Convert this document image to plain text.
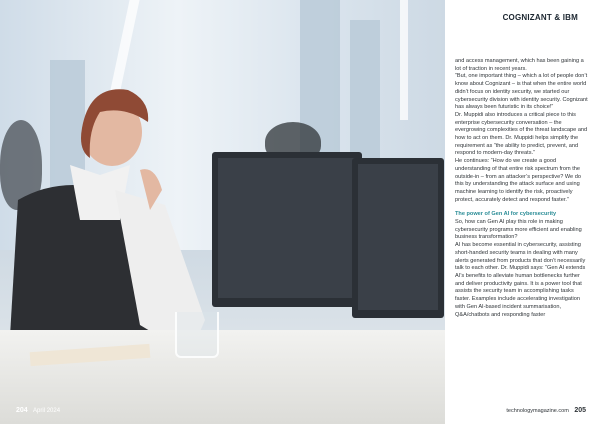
204 April 2024
COGNIZANT & IBM

and access management, which has been gaining a lot of traction in recent years.

“But, one important thing – which a lot of people don’t know about Cognizant – is that when the entire world didn’t focus on identity security, we started our cybersecurity division with identity security. Cognizant has always been futuristic in its choice!”

Dr. Muppidi also introduces a critical piece to this enterprise cybersecurity conversation – the evergrowing complexities of the threat landscape and how to act on them. Dr. Muppidi helps simplify the requirement as “the ability to predict, prevent, and respond to modern-day threats.”

He continues: “How do we create a good understanding of that entire risk spectrum from the outside-in – from an attacker’s perspective? We do this by understanding the attack surface and using machine learning to identify the risk, proactively protect, accurately detect and respond faster.”

The power of Gen AI for cybersecurity

So, how can Gen AI play this role in making cybersecurity programs more efficient and enabling business transformation?

AI has become essential in cybersecurity, assisting short-handed security teams in dealing with many alerts generated from products that don’t necessarily talk to each other. Dr. Muppidi says: “Gen AI extends AI’s benefits to alleviate human bottlenecks further and deliver productivity gains. It is a power tool that assists the security team in accomplishing tasks faster. Examples include accelerating investigation with Gen AI-based incident summarisation, Q&A/chatbots and responding faster

technologymagazine.com 205
